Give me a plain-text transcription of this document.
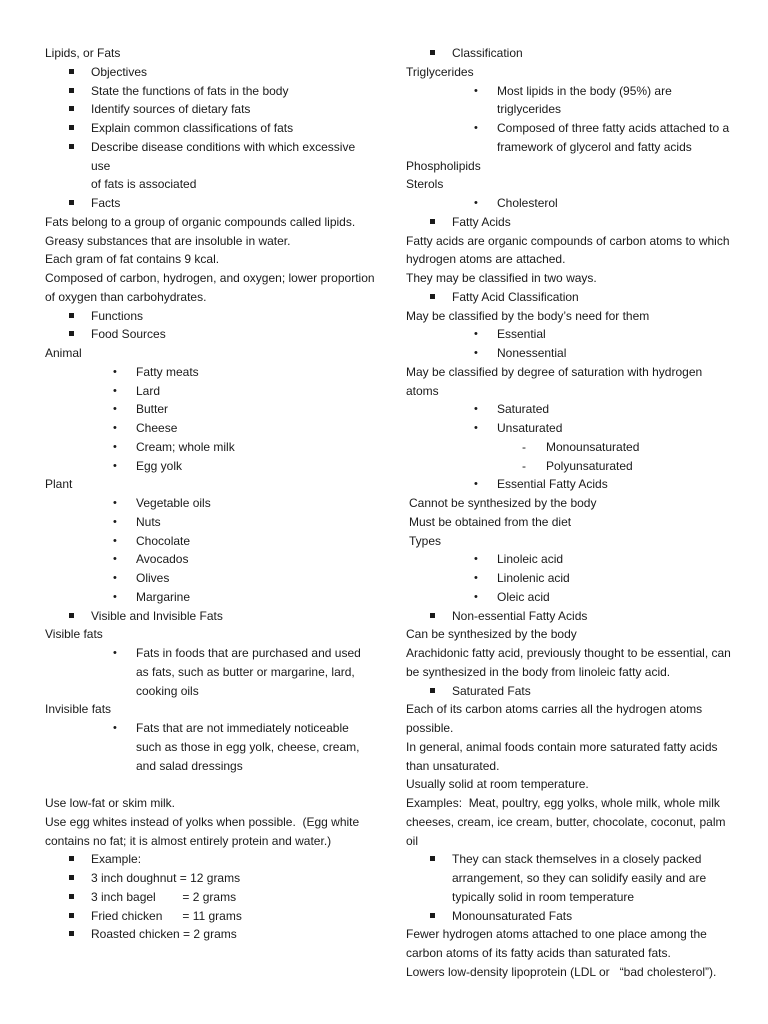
Lipids, or Fats
Objectives
State the functions of fats in the body
Identify sources of dietary fats
Explain common classifications of fats
Describe disease conditions with which excessive use
of fats is associated
Facts
Fats belong to a group of organic compounds called lipids.
Greasy substances that are insoluble in water.
Each gram of fat contains 9 kcal.
Composed of carbon, hydrogen, and oxygen; lower proportion
of oxygen than carbohydrates.
Functions
Food Sources
Animal
• Fatty meats
• Lard
• Butter
• Cheese
• Cream; whole milk
• Egg yolk
Plant
• Vegetable oils
• Nuts
• Chocolate
• Avocados
• Olives
• Margarine
Visible and Invisible Fats
Visible fats
• Fats in foods that are purchased and used
as fats, such as butter or margarine, lard,
cooking oils
Invisible fats
• Fats that are not immediately noticeable
such as those in egg yolk, cheese, cream,
and salad dressings
Use low-fat or skim milk.
Use egg whites instead of yolks when possible.  (Egg white
contains no fat; it is almost entirely protein and water.)
Example:
3 inch doughnut = 12 grams
3 inch bagel        = 2 grams
Fried chicken      = 11 grams
Roasted chicken = 2 grams
Classification
Triglycerides
• Most lipids in the body (95%) are
triglycerides
• Composed of three fatty acids attached to a
framework of glycerol and fatty acids
Phospholipids
Sterols
• Cholesterol
Fatty Acids
Fatty acids are organic compounds of carbon atoms to which
hydrogen atoms are attached.
They may be classified in two ways.
Fatty Acid Classification
May be classified by the body’s need for them
• Essential
• Nonessential
May be classified by degree of saturation with hydrogen atoms
• Saturated
• Unsaturated
- Monounsaturated
- Polyunsaturated
• Essential Fatty Acids
Cannot be synthesized by the body
Must be obtained from the diet
Types
• Linoleic acid
• Linolenic acid
• Oleic acid
Non-essential Fatty Acids
Can be synthesized by the body
Arachidonic fatty acid, previously thought to be essential, can
be synthesized in the body from linoleic fatty acid.
Saturated Fats
Each of its carbon atoms carries all the hydrogen atoms
possible.
In general, animal foods contain more saturated fatty acids
than unsaturated.
Usually solid at room temperature.
Examples:  Meat, poultry, egg yolks, whole milk, whole milk
cheeses, cream, ice cream, butter, chocolate, coconut, palm
oil
They can stack themselves in a closely packed
arrangement, so they can solidify easily and are
typically solid in room temperature
Monounsaturated Fats
Fewer hydrogen atoms attached to one place among the
carbon atoms of its fatty acids than saturated fats.
Lowers low-density lipoprotein (LDL or   “bad cholesterol”).
